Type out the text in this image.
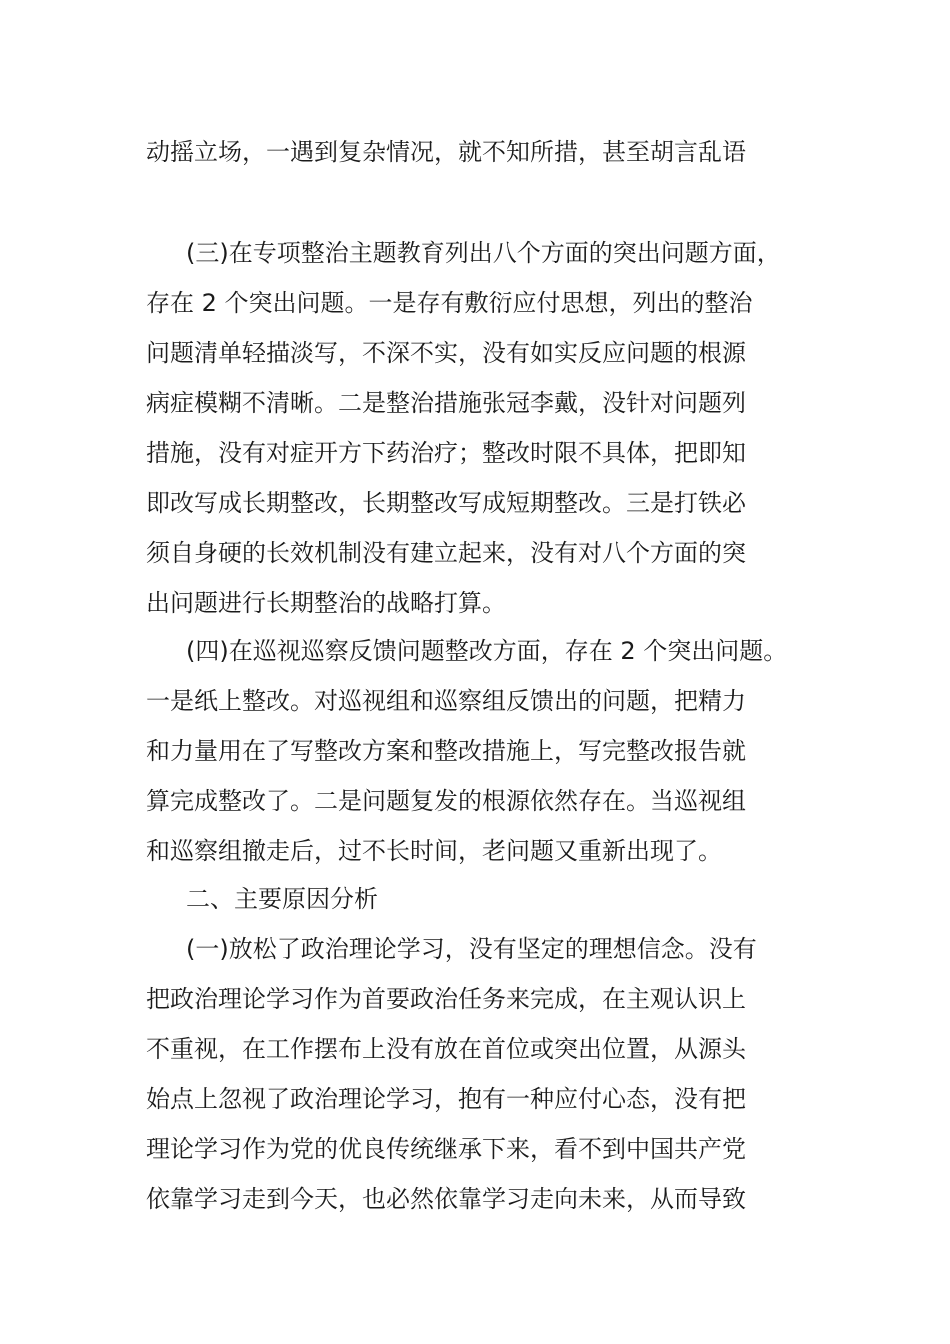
动摇立场，一遇到复杂情况，就不知所措，甚至胡言乱语
(三)在专项整治主题教育列出八个方面的突出问题方面，
存在 2 个突出问题。一是存有敷衍应付思想，列出的整治
问题清单轻描淡写，不深不实，没有如实反应问题的根源
病症模糊不清晰。二是整治措施张冠李戴，没针对问题列
措施，没有对症开方下药治疗；整改时限不具体，把即知
即改写成长期整改，长期整改写成短期整改。三是打铁必
须自身硬的长效机制没有建立起来，没有对八个方面的突
出问题进行长期整治的战略打算。
(四)在巡视巡察反馈问题整改方面，存在 2 个突出问题。
一是纸上整改。对巡视组和巡察组反馈出的问题，把精力
和力量用在了写整改方案和整改措施上，写完整改报告就
算完成整改了。二是问题复发的根源依然存在。当巡视组
和巡察组撤走后，过不长时间，老问题又重新出现了。
二、主要原因分析
(一)放松了政治理论学习，没有坚定的理想信念。没有
把政治理论学习作为首要政治任务来完成，在主观认识上
不重视，在工作摆布上没有放在首位或突出位置，从源头
始点上忽视了政治理论学习，抱有一种应付心态，没有把
理论学习作为党的优良传统继承下来，看不到中国共产党
依靠学习走到今天，也必然依靠学习走向未来，从而导致
